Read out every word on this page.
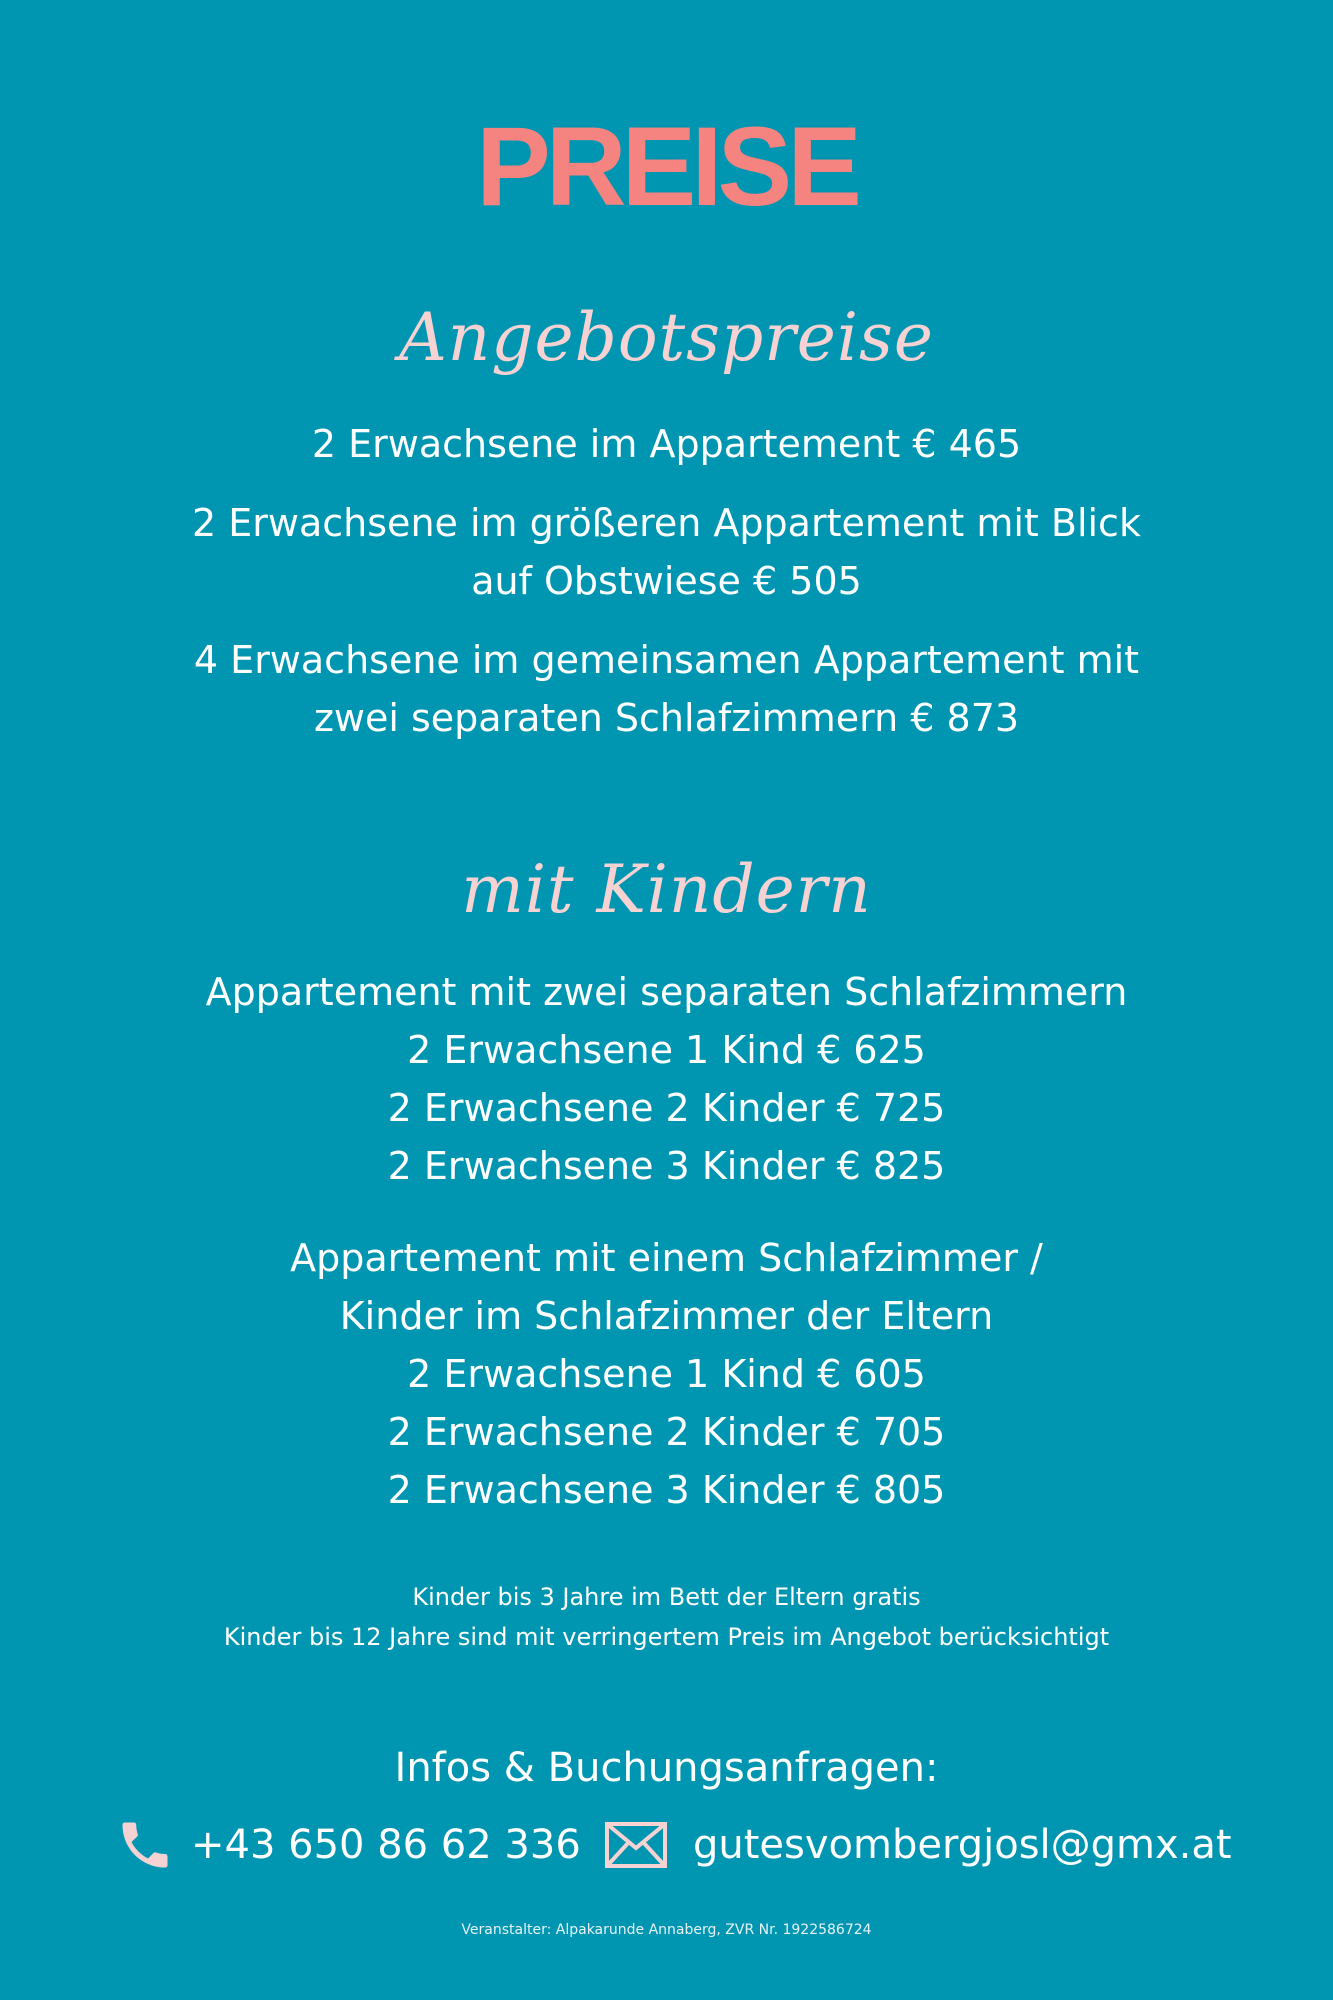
PREISE
Angebotspreise
2 Erwachsene im Appartement € 465
2 Erwachsene im größeren Appartement mit Blick
auf Obstwiese € 505
4 Erwachsene im gemeinsamen Appartement mit
zwei separaten Schlafzimmern € 873
mit Kindern
Appartement mit zwei separaten Schlafzimmern
2 Erwachsene 1 Kind € 625
2 Erwachsene 2 Kinder € 725
2 Erwachsene 3 Kinder € 825
Appartement mit einem Schlafzimmer /
Kinder im Schlafzimmer der Eltern
2 Erwachsene 1 Kind € 605
2 Erwachsene 2 Kinder € 705
2 Erwachsene 3 Kinder € 805
Kinder bis 3 Jahre im Bett der Eltern gratis
Kinder bis 12 Jahre sind mit verringertem Preis im Angebot berücksichtigt
Infos & Buchungsanfragen:
+43 650 86 62 336	gutesvombergjosl@gmx.at
Veranstalter: Alpakarunde Annaberg, ZVR Nr. 1922586724
